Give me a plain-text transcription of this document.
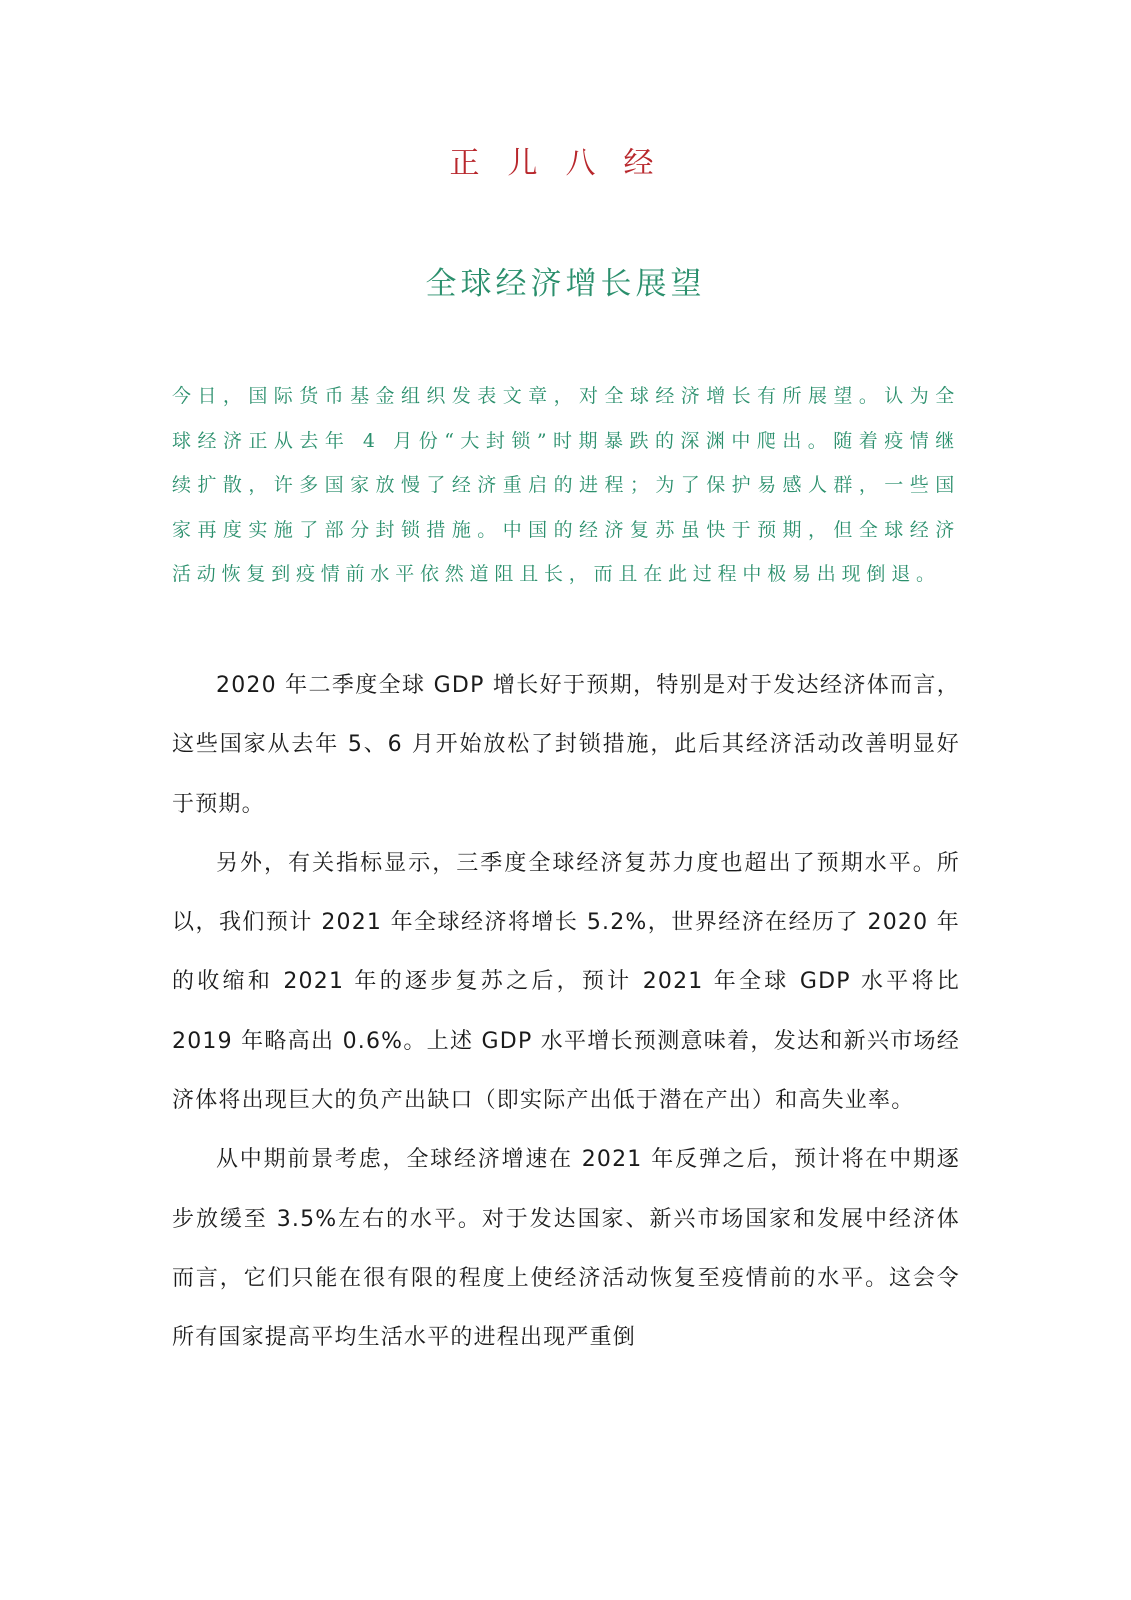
正儿八经
全球经济增长展望

今日，国际货币基金组织发表文章，对全球经济增长有所展望。认为全球经济正从去年 4 月份“大封锁”时期暴跌的深渊中爬出。随着疫情继续扩散，许多国家放慢了经济重启的进程；为了保护易感人群，一些国家再度实施了部分封锁措施。中国的经济复苏虽快于预期，但全球经济活动恢复到疫情前水平依然道阻且长，而且在此过程中极易出现倒退。

2020 年二季度全球 GDP 增长好于预期，特别是对于发达经济体而言，这些国家从去年 5、6 月开始放松了封锁措施，此后其经济活动改善明显好于预期。

另外，有关指标显示，三季度全球经济复苏力度也超出了预期水平。所以，我们预计 2021 年全球经济将增长 5.2%，世界经济在经历了 2020 年的收缩和 2021 年的逐步复苏之后，预计 2021 年全球 GDP 水平将比 2019 年略高出 0.6%。上述 GDP 水平增长预测意味着，发达和新兴市场经济体将出现巨大的负产出缺口（即实际产出低于潜在产出）和高失业率。

从中期前景考虑，全球经济增速在 2021 年反弹之后，预计将在中期逐步放缓至 3.5%左右的水平。对于发达国家、新兴市场国家和发展中经济体而言，它们只能在很有限的程度上使经济活动恢复至疫情前的水平。这会令所有国家提高平均生活水平的进程出现严重倒
